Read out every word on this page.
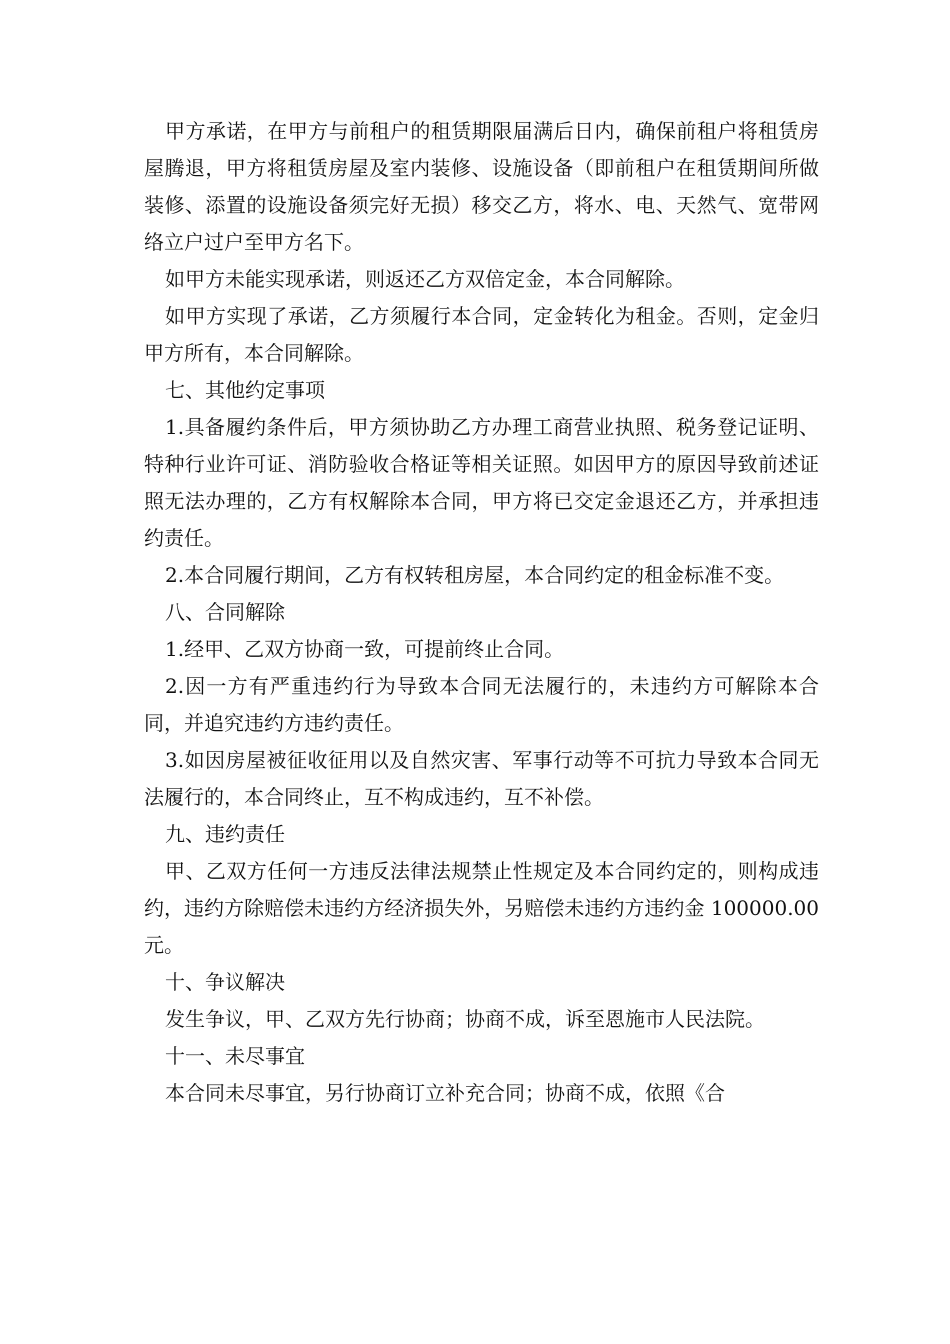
甲方承诺，在甲方与前租户的租赁期限届满后日内，确保前租户将租赁房屋腾退，甲方将租赁房屋及室内装修、设施设备（即前租户在租赁期间所做装修、添置的设施设备须完好无损）移交乙方，将水、电、天然气、宽带网络立户过户至甲方名下。

如甲方未能实现承诺，则返还乙方双倍定金，本合同解除。

如甲方实现了承诺，乙方须履行本合同，定金转化为租金。否则，定金归甲方所有，本合同解除。

七、其他约定事项

1.具备履约条件后，甲方须协助乙方办理工商营业执照、税务登记证明、特种行业许可证、消防验收合格证等相关证照。如因甲方的原因导致前述证照无法办理的，乙方有权解除本合同，甲方将已交定金退还乙方，并承担违约责任。

2.本合同履行期间，乙方有权转租房屋，本合同约定的租金标准不变。

八、合同解除

1.经甲、乙双方协商一致，可提前终止合同。

2.因一方有严重违约行为导致本合同无法履行的，未违约方可解除本合同，并追究违约方违约责任。

3.如因房屋被征收征用以及自然灾害、军事行动等不可抗力导致本合同无法履行的，本合同终止，互不构成违约，互不补偿。

九、违约责任

甲、乙双方任何一方违反法律法规禁止性规定及本合同约定的，则构成违约，违约方除赔偿未违约方经济损失外，另赔偿未违约方违约金 100000.00 元。

十、争议解决

发生争议，甲、乙双方先行协商；协商不成，诉至恩施市人民法院。

十一、未尽事宜

本合同未尽事宜，另行协商订立补充合同；协商不成，依照《合
